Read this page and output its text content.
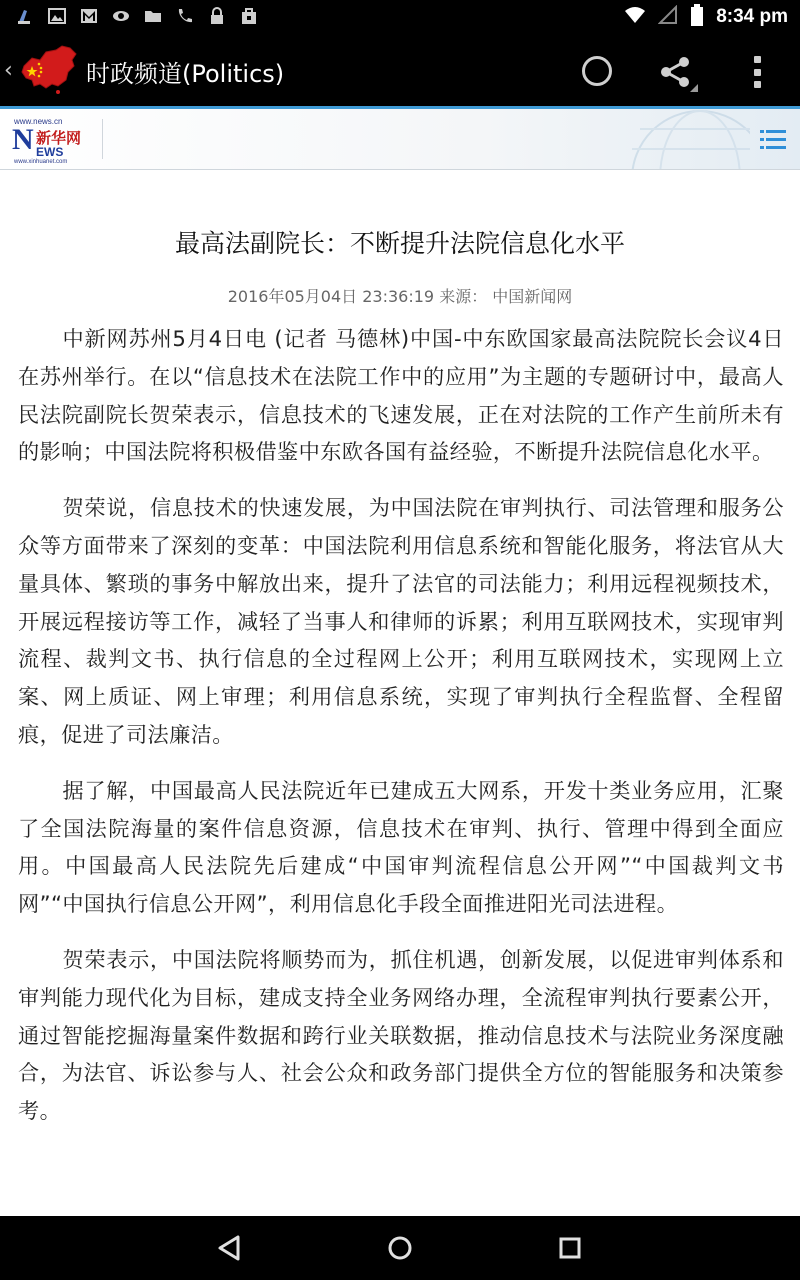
8:34 pm
‹	时政频道(Politics)
www.news.cn
N 新华网
EWS
www.xinhuanet.com
最高法副院长：不断提升法院信息化水平
2016年05月04日 23:36:19 来源： 中国新闻网

中新网苏州5月4日电 (记者 马德林)中国-中东欧国家最高法院院长会议4日在苏州举行。在以“信息技术在法院工作中的应用”为主题的专题研讨中，最高人民法院副院长贺荣表示，信息技术的飞速发展，正在对法院的工作产生前所未有的影响；中国法院将积极借鉴中东欧各国有益经验，不断提升法院信息化水平。

贺荣说，信息技术的快速发展，为中国法院在审判执行、司法管理和服务公众等方面带来了深刻的变革：中国法院利用信息系统和智能化服务，将法官从大量具体、繁琐的事务中解放出来，提升了法官的司法能力；利用远程视频技术，开展远程接访等工作，减轻了当事人和律师的诉累；利用互联网技术，实现审判流程、裁判文书、执行信息的全过程网上公开；利用互联网技术，实现网上立案、网上质证、网上审理；利用信息系统，实现了审判执行全程监督、全程留痕，促进了司法廉洁。

据了解，中国最高人民法院近年已建成五大网系，开发十类业务应用，汇聚了全国法院海量的案件信息资源，信息技术在审判、执行、管理中得到全面应用。中国最高人民法院先后建成“中国审判流程信息公开网”“中国裁判文书网”“中国执行信息公开网”，利用信息化手段全面推进阳光司法进程。

贺荣表示，中国法院将顺势而为，抓住机遇，创新发展，以促进审判体系和审判能力现代化为目标，建成支持全业务网络办理，全流程审判执行要素公开，通过智能挖掘海量案件数据和跨行业关联数据，推动信息技术与法院业务深度融合，为法官、诉讼参与人、社会公众和政务部门提供全方位的智能服务和决策参考。
